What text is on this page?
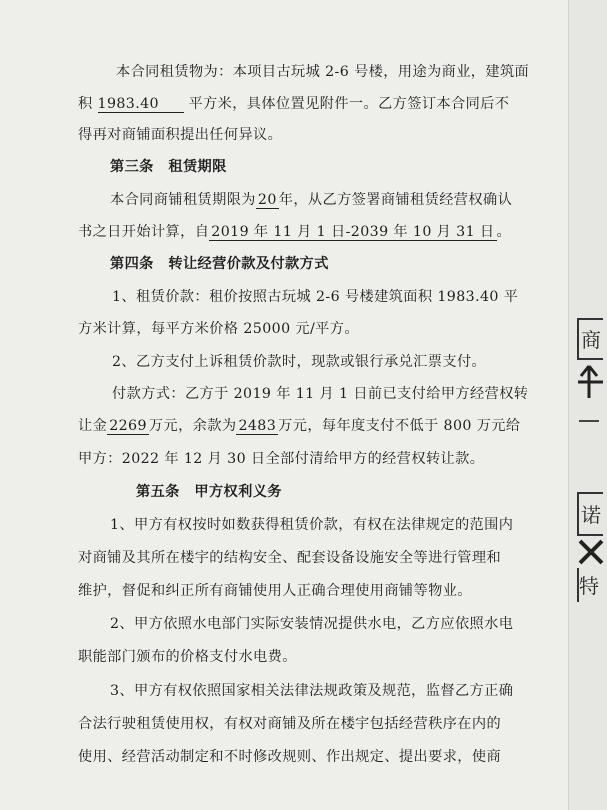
本合同租赁物为：本项目古玩城 2-6 号楼，用途为商业，建筑面
积 1983.40 平方米，具体位置见附件一。乙方签订本合同后不
得再对商铺面积提出任何异议。
第三条　租赁期限
本合同商铺租赁期限为 20 年，从乙方签署商铺租赁经营权确认
书之日开始计算，自 2019 年 11 月 1 日-2039 年 10 月 31 日 。
第四条　转让经营价款及付款方式
1、租赁价款：租价按照古玩城 2-6 号楼建筑面积 1983.40 平
方米计算，每平方米价格 25000 元/平方。
2、乙方支付上诉租赁价款时，现款或银行承兑汇票支付。
付款方式：乙方于 2019 年 11 月 1 日前已支付给甲方经营权转
让金 2269 万元，余款为 2483 万元，每年度支付不低于 800 万元给
甲方：2022 年 12 月 30 日全部付清给甲方的经营权转让款。
第五条　甲方权利义务
1、甲方有权按时如数获得租赁价款，有权在法律规定的范围内
对商铺及其所在楼宇的结构安全、配套设备设施安全等进行管理和
维护，督促和纠正所有商铺使用人正确合理使用商铺等物业。
2、甲方依照水电部门实际安装情况提供水电，乙方应依照水电
职能部门颁布的价格支付水电费。
3、甲方有权依照国家相关法律法规政策及规范，监督乙方正确
合法行驶租赁使用权，有权对商铺及所在楼宇包括经营秩序在内的
使用、经营活动制定和不时修改规则、作出规定、提出要求，使商
商
诺
特
